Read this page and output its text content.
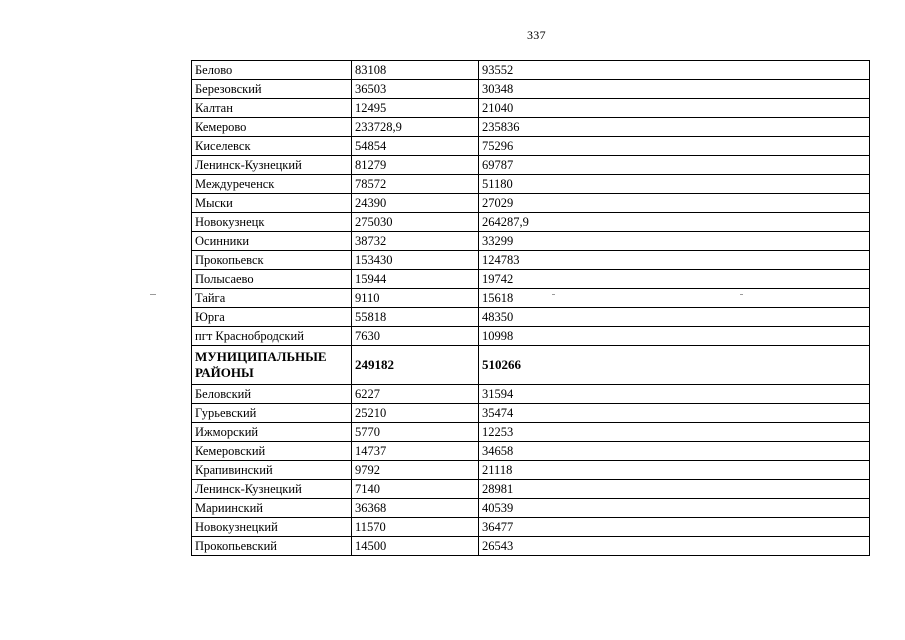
337
Белово	83108	93552
Березовский	36503	30348
Калтан	12495	21040
Кемерово	233728,9	235836
Киселевск	54854	75296
Ленинск-Кузнецкий	81279	69787
Междуреченск	78572	51180
Мыски	24390	27029
Новокузнецк	275030	264287,9
Осинники	38732	33299
Прокопьевск	153430	124783
Полысаево	15944	19742
Тайга	9110	15618
Юрга	55818	48350
пгт Краснобродский	7630	10998
МУНИЦИПАЛЬНЫЕ РАЙОНЫ	249182	510266
Беловский	6227	31594
Гурьевский	25210	35474
Ижморский	5770	12253
Кемеровский	14737	34658
Крапивинский	9792	21118
Ленинск-Кузнецкий	7140	28981
Мариинский	36368	40539
Новокузнецкий	11570	36477
Прокопьевский	14500	26543
